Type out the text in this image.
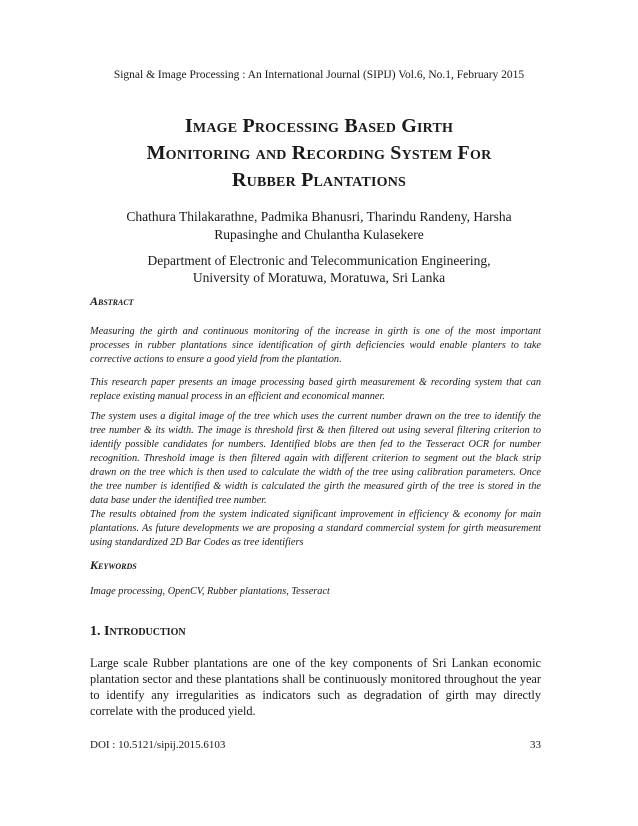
Signal & Image Processing : An International Journal (SIPIJ) Vol.6, No.1, February 2015
Image Processing Based Girth
Monitoring and Recording System For
Rubber Plantations
Chathura Thilakarathne, Padmika Bhanusri, Tharindu Randeny, Harsha
Rupasinghe and Chulantha Kulasekere
Department of Electronic and Telecommunication Engineering,
University of Moratuwa, Moratuwa, Sri Lanka
Abstract

Measuring the girth and continuous monitoring of the increase in girth is one of the most important processes in rubber plantations since identification of girth deficiencies would enable planters to take corrective actions to ensure a good yield from the plantation.

This research paper presents an image processing based girth measurement & recording system that can replace existing manual process in an efficient and economical manner.

The system uses a digital image of the tree which uses the current number drawn on the tree to identify the tree number & its width. The image is threshold first & then filtered out using several filtering criterion to identify possible candidates for numbers. Identified blobs are then fed to the Tesseract OCR for number recognition. Threshold image is then filtered again with different criterion to segment out the black strip drawn on the tree which is then used to calculate the width of the tree using calibration parameters. Once the tree number is identified & width is calculated the girth the measured girth of the tree is stored in the data base under the identified tree number.

The results obtained from the system indicated significant improvement in efficiency & economy for main plantations. As future developments we are proposing a standard commercial system for girth measurement using standardized 2D Bar Codes as tree identifiers

Keywords
Image processing, OpenCV, Rubber plantations, Tesseract
1. Introduction

Large scale Rubber plantations are one of the key components of Sri Lankan economic plantation sector and these plantations shall be continuously monitored throughout the year to identify any irregularities as indicators such as degradation of girth may directly correlate with the produced yield.

DOI : 10.5121/sipij.2015.6103	33
